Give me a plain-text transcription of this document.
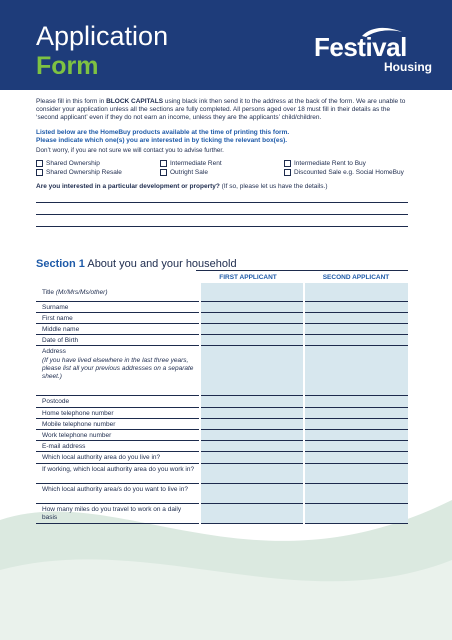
Application
Form
Festival
Housing

Please fill in this form in BLOCK CAPITALS using black ink then send it to the address at the back of the form. We are unable to consider your application unless all the sections are fully completed. All persons aged over 18 must fill in their details as the ‘second applicant’ even if they do not earn an income, unless they are the applicants’ child/children.

Listed below are the HomeBuy products available at the time of printing this form.

Please indicate which one(s) you are interested in by ticking the relevant box(es).

Don’t worry, if you are not sure we will contact you to advise further.

Shared Ownership
Shared Ownership Resale
Intermediate Rent
Outright Sale
Intermediate Rent to Buy
Discounted Sale e.g. Social HomeBuy

Are you interested in a particular development or property? (If so, please let us have the details.)

Section 1 About you and your household
FIRST APPLICANT	SECOND APPLICANT
Title (Mr/Mrs/Ms/other)		
Surname		
First name		
Middle name		
Date of Birth		
Address
(If you have lived elsewhere in the last three years, please list all your previous addresses on a separate sheet.)		
Postcode		
Home telephone number		
Mobile telephone number		
Work telephone number		
E-mail address		
Which local authority area do you live in?		
If working, which local authority area do you work in?		
Which local authority area/s do you want to live in?		
How many miles do you travel to work on a daily basis		
